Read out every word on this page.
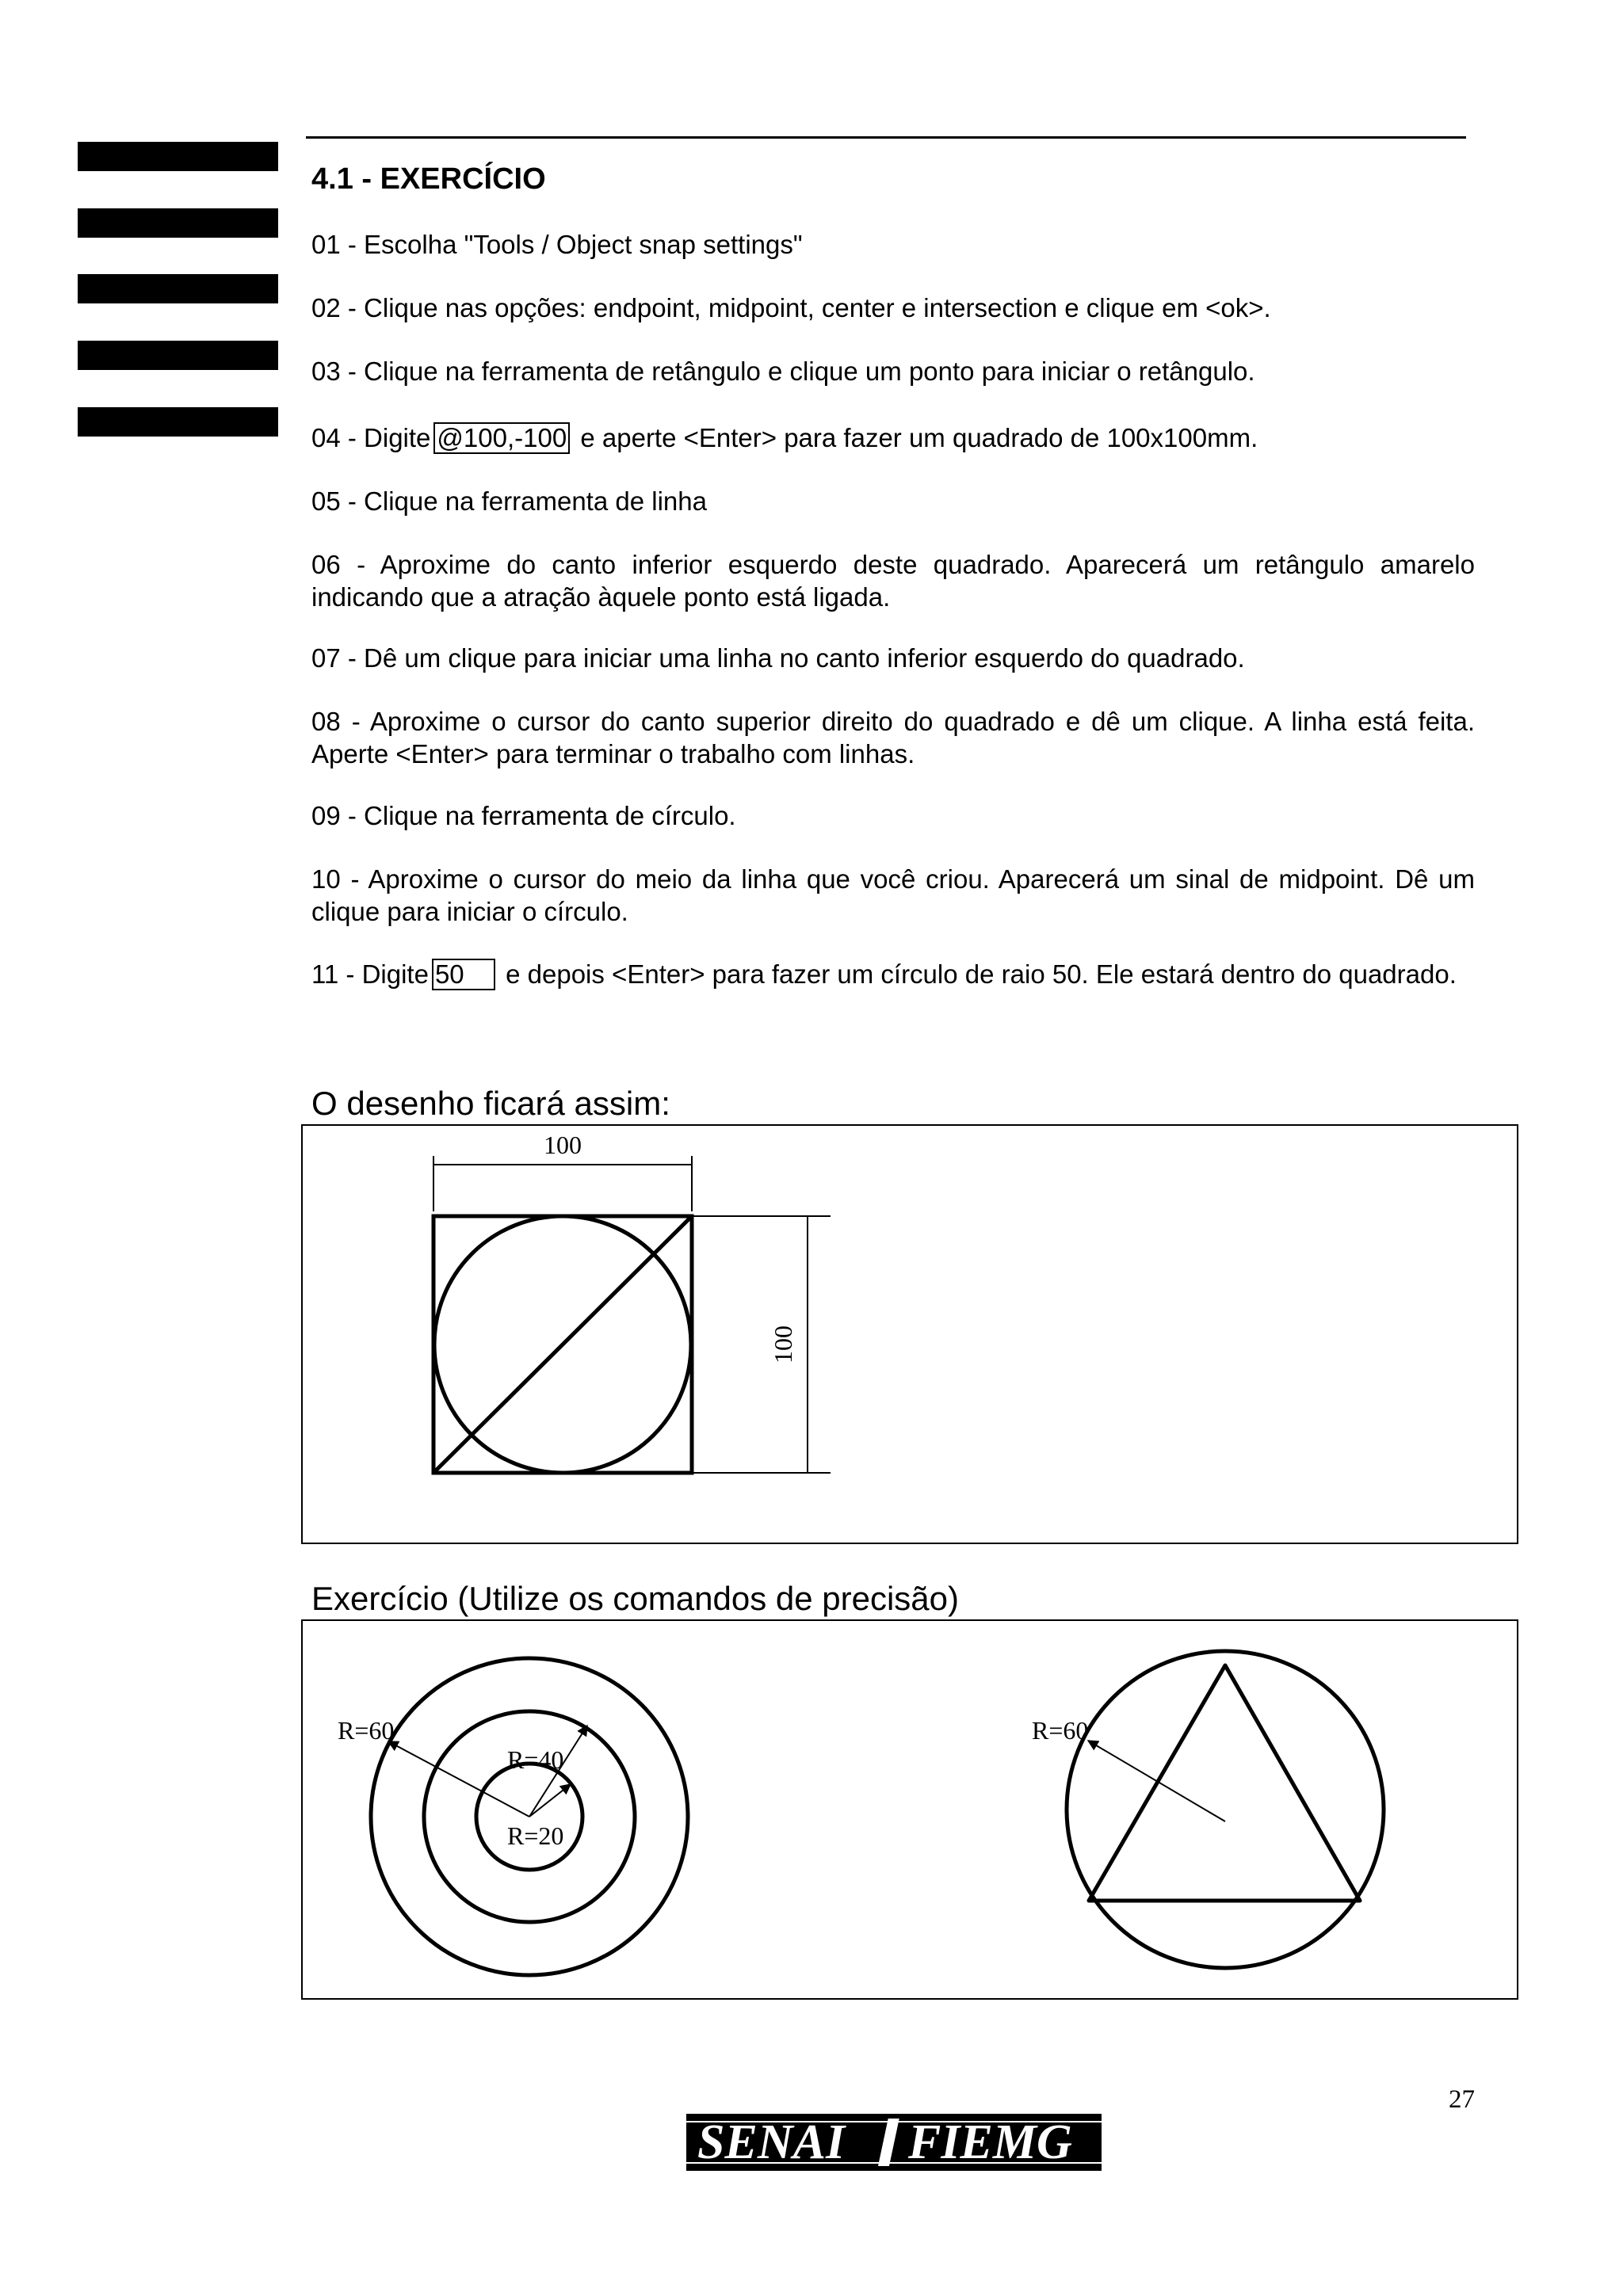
4.1 - EXERCÍCIO

01 - Escolha "Tools / Object snap settings"

02 - Clique nas opções: endpoint, midpoint, center e intersection e clique em <ok>.

03 - Clique na ferramenta de retângulo e clique um ponto para iniciar o retângulo.

04 - Digite @100,-100 e aperte <Enter> para fazer um quadrado de 100x100mm.

05 - Clique na ferramenta de linha

06 - Aproxime do canto inferior esquerdo deste quadrado. Aparecerá um retângulo amarelo indicando que a atração àquele ponto está ligada.

07 - Dê um clique para iniciar uma linha no canto inferior esquerdo do quadrado.

08 - Aproxime o cursor do canto superior direito do quadrado e dê um clique. A linha está feita. Aperte <Enter> para terminar o trabalho com linhas.

09 - Clique na ferramenta de círculo.

10 - Aproxime o cursor do meio da linha que você criou. Aparecerá um sinal de midpoint. Dê um clique para iniciar o círculo.

11 - Digite 50 e depois <Enter> para fazer um círculo de raio 50. Ele estará dentro do quadrado.

O desenho ficará assim:
100
100
Exercício (Utilize os comandos de precisão)
R=60
R=40
R=20
R=60
27
SENAI FIEMG
